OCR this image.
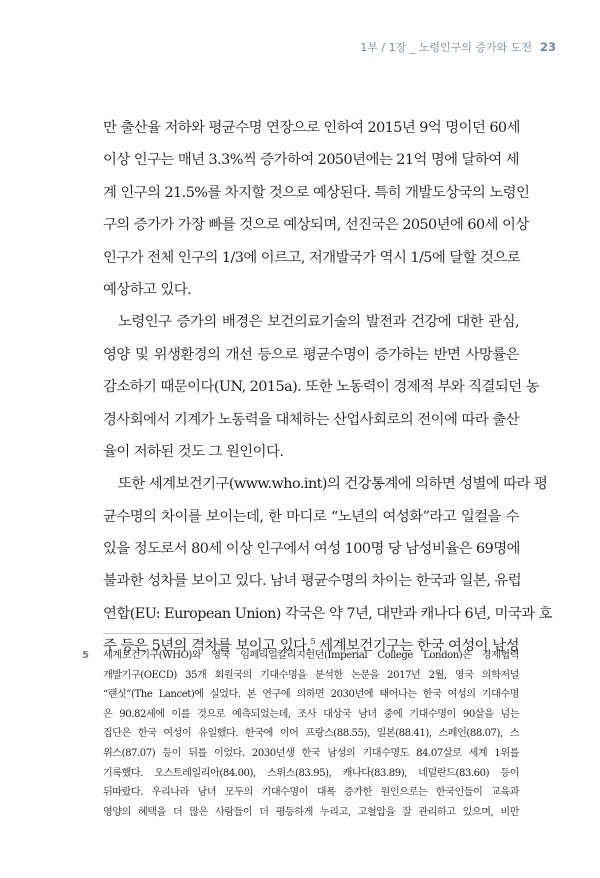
1부 / 1장 _ 노령인구의 증가와 도전 23
만 출산율 저하와 평균수명 연장으로 인하여 2015년 9억 명이던 60세
이상 인구는 매년 3.3%씩 증가하여 2050년에는 21억 명에 달하여 세
계 인구의 21.5%를 차지할 것으로 예상된다. 특히 개발도상국의 노령인
구의 증가가 가장 빠를 것으로 예상되며, 선진국은 2050년에 60세 이상
인구가 전체 인구의 1/3에 이르고, 저개발국가 역시 1/5에 달할 것으로
예상하고 있다.
노령인구 증가의 배경은 보건의료기술의 발전과 건강에 대한 관심,
영양 및 위생환경의 개선 등으로 평균수명이 증가하는 반면 사망률은
감소하기 때문이다(UN, 2015a). 또한 노동력이 경제적 부와 직결되던 농
경사회에서 기계가 노동력을 대체하는 산업사회로의 전이에 따라 출산
율이 저하된 것도 그 원인이다.
또한 세계보건기구(www.who.int)의 건강통계에 의하면 성별에 따라 평
균수명의 차이를 보이는데, 한 마디로 “노년의 여성화”라고 일컬을 수
있을 정도로서 80세 이상 인구에서 여성 100명 당 남성비율은 69명에
불과한 성차를 보이고 있다. 남녀 평균수명의 차이는 한국과 일본, 유럽
연합(EU: European Union) 각국은 약 7년, 대만과 캐나다 6년, 미국과 호
주 등은 5년의 격차를 보이고 있다.$^5$ 세계보건기구는 한국 여성이 남성
5 세계보건기구(WHO)와 영국 임페리얼칼리지런던(Imperial College London)은 경제협력
개발기구(OECD) 35개 회원국의 기대수명을 분석한 논문을 2017년 2월, 영국 의학저널
“랜싯”(The Lancet)에 실었다. 본 연구에 의하면 2030년에 태어나는 한국 여성의 기대수명
은 90.82세에 이를 것으로 예측되었는데, 조사 대상국 남녀 중에 기대수명이 90살을 넘는
집단은 한국 여성이 유일했다. 한국에 이어 프랑스(88.55), 일본(88.41), 스페인(88.07), 스
위스(87.07) 등이 뒤를 이었다. 2030년생 한국 남성의 기대수명도 84.07살로 세계 1위를
기록했다. 오스트레일리아(84.00), 스위스(83.95), 캐나다(83.89), 네덜란드(83.60) 등이
뒤따랐다. 우리나라 남녀 모두의 기대수명이 대폭 증가한 원인으로는 한국인들이 교육과
영양의 혜택을 더 많은 사람들이 더 평등하게 누리고, 고혈압을 잘 관리하고 있으며, 비만
